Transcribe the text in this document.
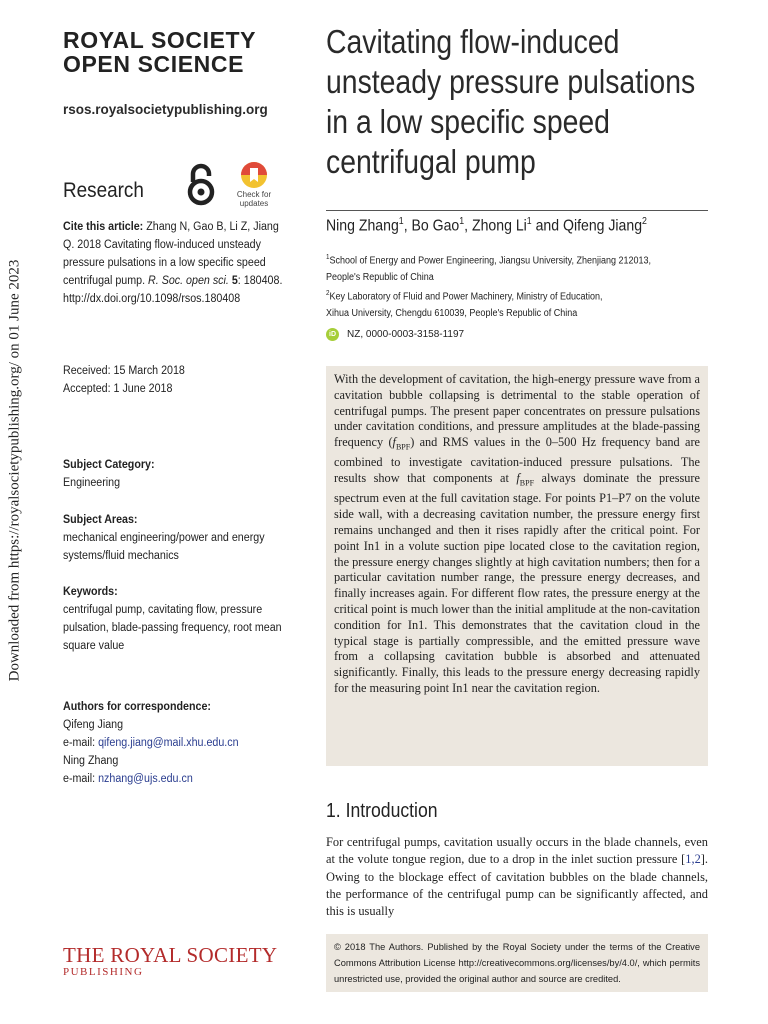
Downloaded from https://royalsocietypublishing.org/ on 01 June 2023
ROYAL SOCIETY
OPEN SCIENCE
rsos.royalsocietypublishing.org
Research	Check for updates
Cite this article: Zhang N, Gao B, Li Z, Jiang Q. 2018 Cavitating flow-induced unsteady pressure pulsations in a low specific speed centrifugal pump. R. Soc. open sci. 5: 180408. http://dx.doi.org/10.1098/rsos.180408
Received: 15 March 2018
Accepted: 1 June 2018
Subject Category:
Engineering
Subject Areas:
mechanical engineering/power and energy systems/fluid mechanics
Keywords:
centrifugal pump, cavitating flow, pressure pulsation, blade-passing frequency, root mean square value
Authors for correspondence:
Qifeng Jiang
e-mail: qifeng.jiang@mail.xhu.edu.cn
Ning Zhang
e-mail: nzhang@ujs.edu.cn
Cavitating flow-induced unsteady pressure pulsations in a low specific speed centrifugal pump
Ning Zhang$^1$, Bo Gao$^1$, Zhong Li$^1$ and Qifeng Jiang$^2$
$^1$School of Energy and Power Engineering, Jiangsu University, Zhenjiang 212013,
People's Republic of China
$^2$Key Laboratory of Fluid and Power Machinery, Ministry of Education,
Xihua University, Chengdu 610039, People's Republic of China
iD	NZ, 0000-0003-3158-1197
With the development of cavitation, the high-energy pressure wave from a cavitation bubble collapsing is detrimental to the stable operation of centrifugal pumps. The present paper concentrates on pressure pulsations under cavitation conditions, and pressure amplitudes at the blade-passing frequency $(f_{BPF})$ and RMS values in the 0–500 Hz frequency band are combined to investigate cavitation-induced pressure pulsations. The results show that components at $f_{BPF}$ always dominate the pressure spectrum even at the full cavitation stage. For points P1–P7 on the volute side wall, with a decreasing cavitation number, the pressure energy first remains unchanged and then it rises rapidly after the critical point. For point In1 in a volute suction pipe located close to the cavitation region, the pressure energy changes slightly at high cavitation numbers; then for a particular cavitation number range, the pressure energy decreases, and finally increases again. For different flow rates, the pressure energy at the critical point is much lower than the initial amplitude at the non-cavitation condition for In1. This demonstrates that the cavitation cloud in the typical stage is partially compressible, and the emitted pressure wave from a collapsing cavitation bubble is absorbed and attenuated significantly. Finally, this leads to the pressure energy decreasing rapidly for the measuring point In1 near the cavitation region.
1. Introduction
For centrifugal pumps, cavitation usually occurs in the blade channels, even at the volute tongue region, due to a drop in the inlet suction pressure [1,2]. Owing to the blockage effect of cavitation bubbles on the blade channels, the performance of the centrifugal pump can be significantly affected, and this is usually
© 2018 The Authors. Published by the Royal Society under the terms of the Creative Commons Attribution License http://creativecommons.org/licenses/by/4.0/, which permits unrestricted use, provided the original author and source are credited.
THE ROYAL SOCIETY
PUBLISHING
